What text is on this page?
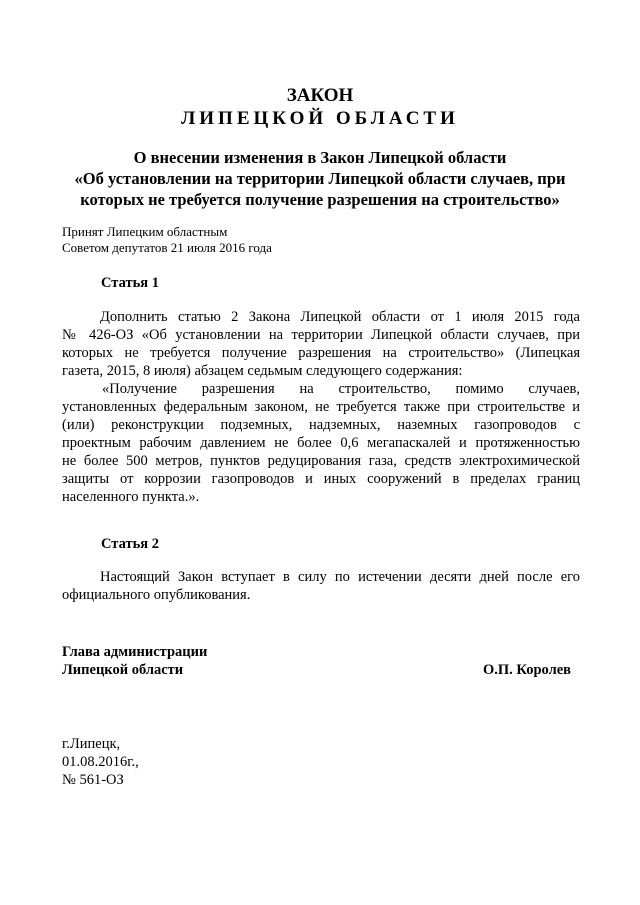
ЗАКОН
ЛИПЕЦКОЙ ОБЛАСТИ
О внесении изменения в Закон Липецкой области
«Об установлении на территории Липецкой области случаев, при
которых не требуется получение разрешения на строительство»
Принят Липецким областным
Советом депутатов 21 июля 2016 года
Статья 1
Дополнить статью 2 Закона Липецкой области от 1 июля 2015 года
№ 426-ОЗ «Об установлении на территории Липецкой области случаев, при
которых не требуется получение разрешения на строительство» (Липецкая
газета, 2015, 8 июля) абзацем седьмым следующего содержания:
«Получение разрешения на строительство, помимо случаев,
установленных федеральным законом, не требуется также при строительстве и
(или) реконструкции подземных, надземных, наземных газопроводов с
проектным рабочим давлением не более 0,6 мегапаскалей и протяженностью
не более 500 метров, пунктов редуцирования газа, средств электрохимической
защиты от коррозии газопроводов и иных сооружений в пределах границ
населенного пункта.».
Статья 2
Настоящий Закон вступает в силу по истечении десяти дней после его
официального опубликования.
Глава администрации
Липецкой области	О.П. Королев
г.Липецк,
01.08.2016г.,
№ 561-ОЗ
